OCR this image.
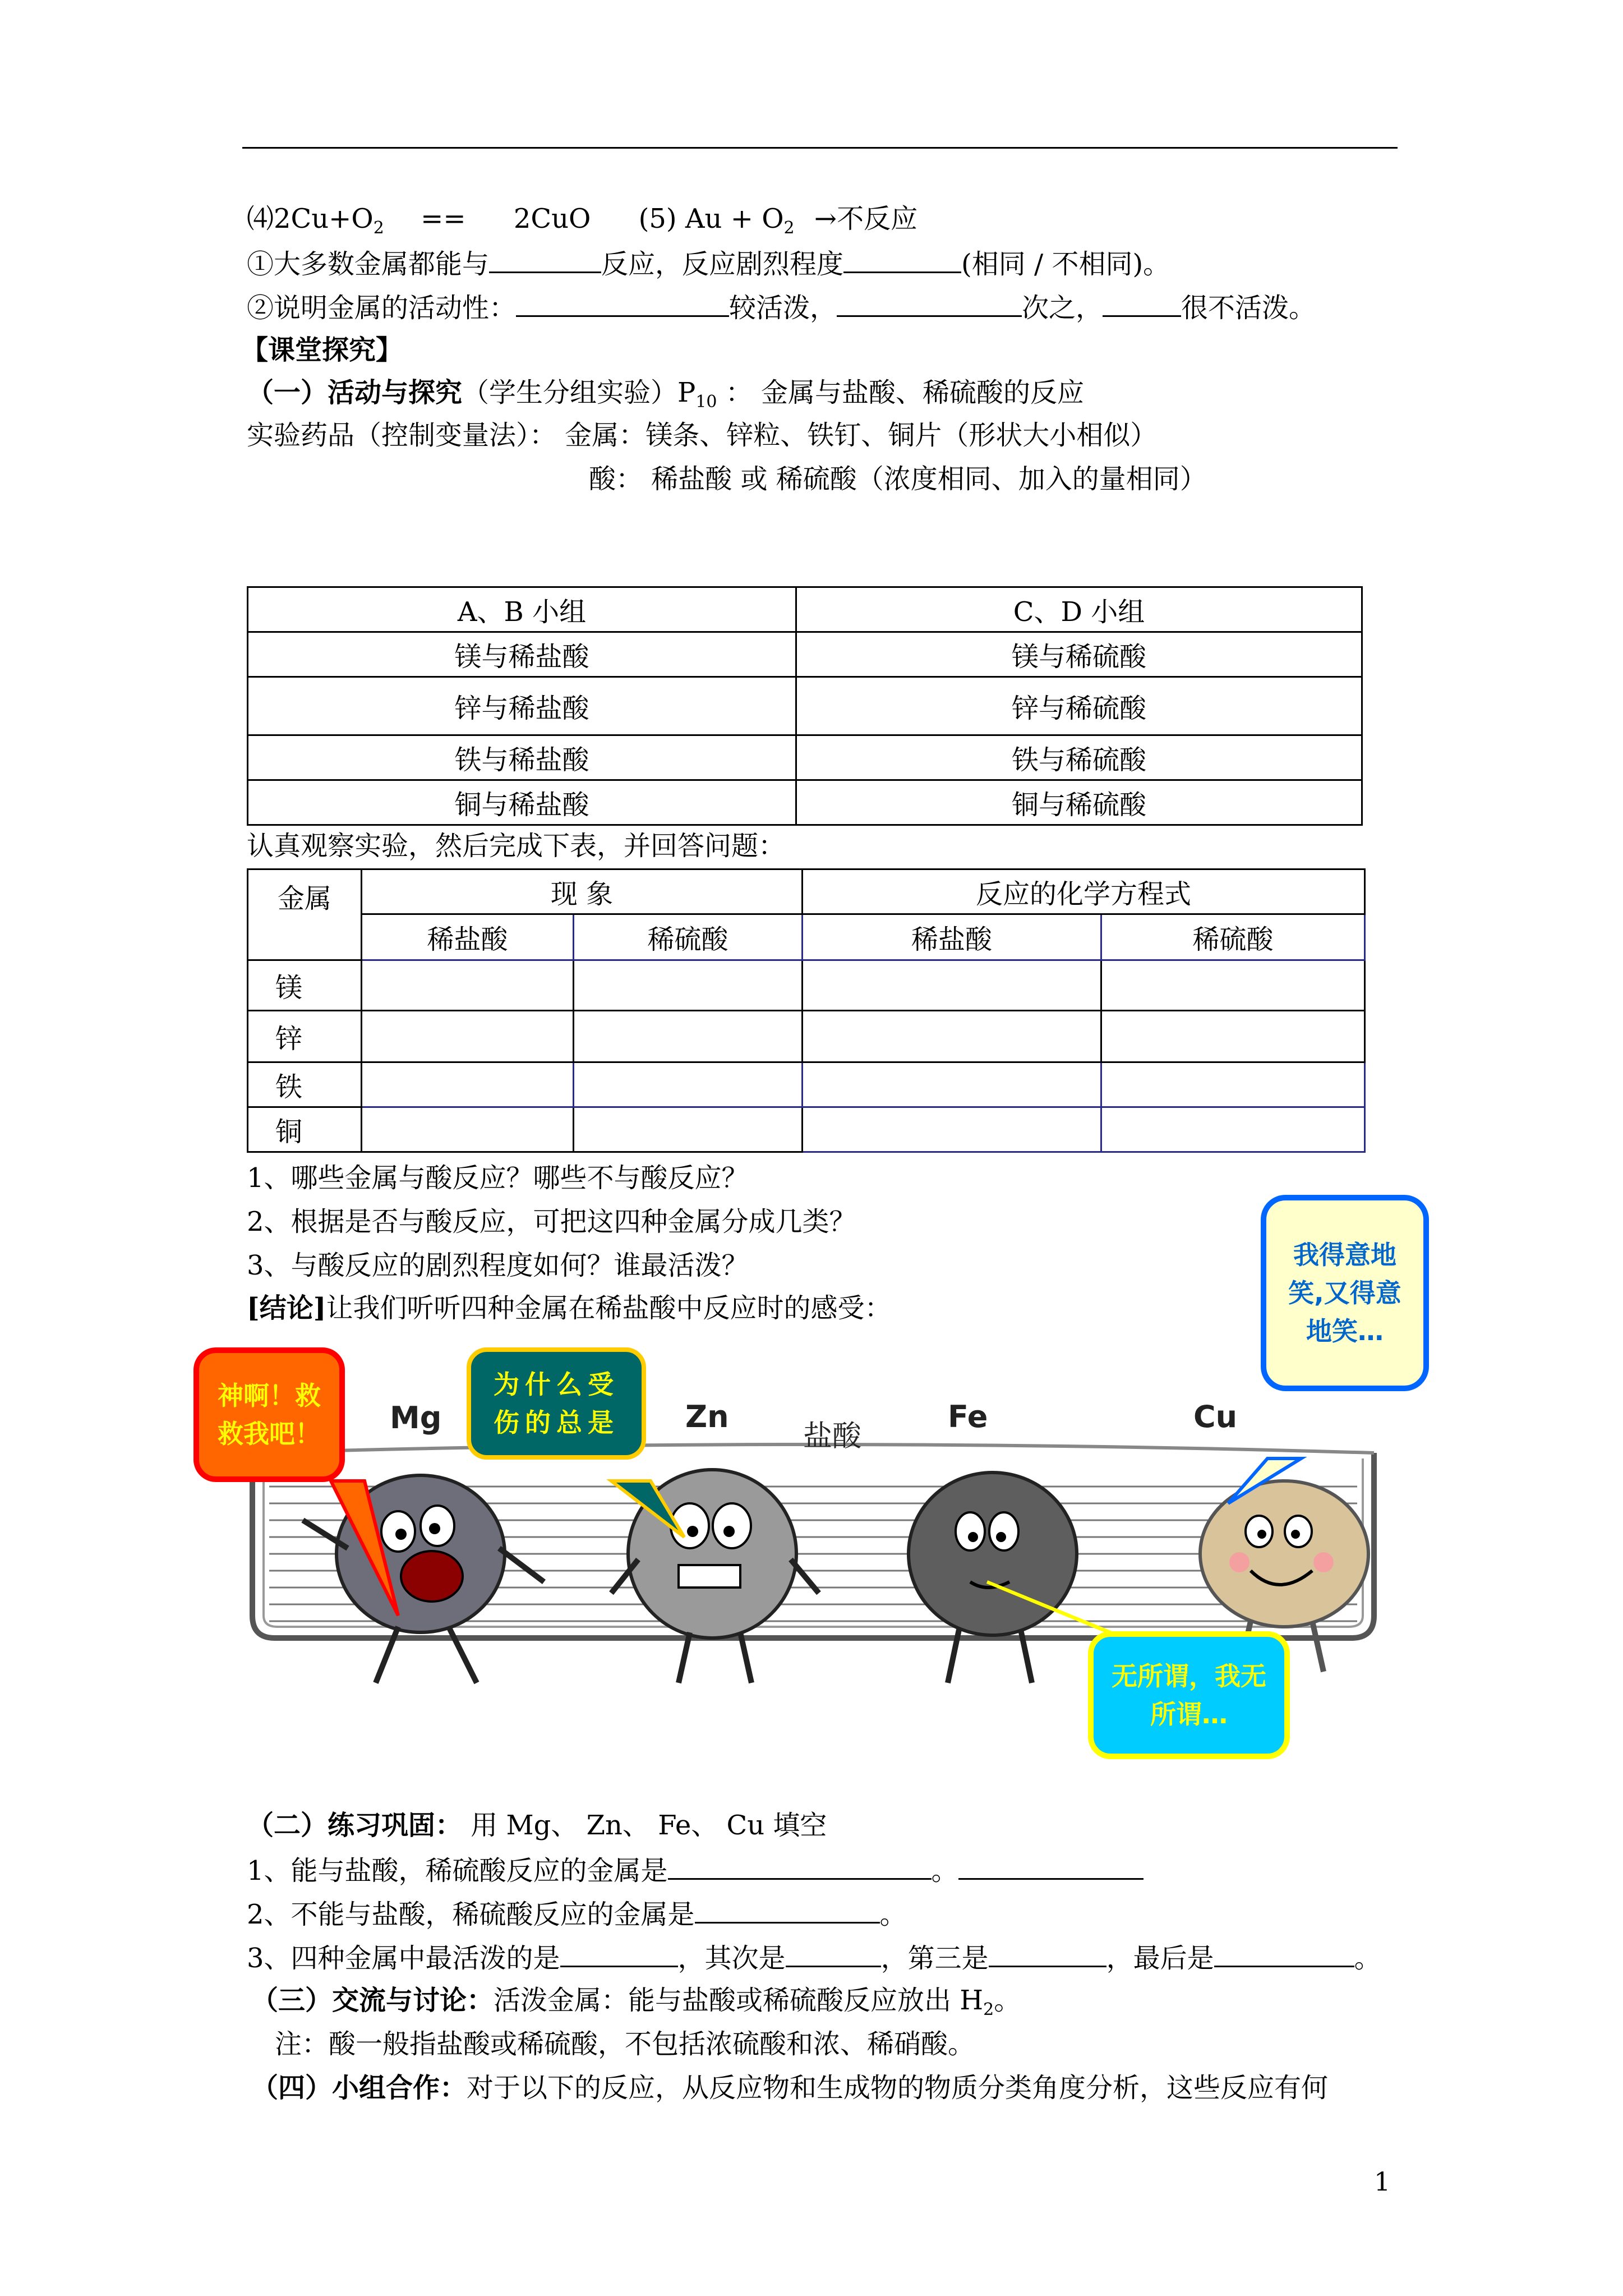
$⑷2Cu+O_2 == 2CuO$ (5) $Au + O_2$ →不反应
①大多数金属都能与	反应，反应剧烈程度	(相同 / 不相同)。
②说明金属的活动性：	较活泼，	次之，	很不活泼。
【课堂探究】
（一）活动与探究（学生分组实验）$P_{10}$ ： 金属与盐酸、稀硫酸的反应
实验药品（控制变量法）： 金属：镁条、锌粒、铁钉、铜片（形状大小相似）
酸： 稀盐酸 或 稀硫酸（浓度相同、加入的量相同）
A、B 小组	C、D 小组
镁与稀盐酸	镁与稀硫酸
锌与稀盐酸	锌与稀硫酸
铁与稀盐酸	铁与稀硫酸
铜与稀盐酸	铜与稀硫酸
认真观察实验，然后完成下表，并回答问题：
金属	现 象		反应的化学方程式	
	稀盐酸	稀硫酸	稀盐酸	稀硫酸
镁				
锌				
铁				
铜				
1、哪些金属与酸反应？哪些不与酸反应？
2、根据是否与酸反应，可把这四种金属分成几类？
3、与酸反应的剧烈程度如何？谁最活泼？
[结论]让我们听听四种金属在稀盐酸中反应时的感受：
Mg	Zn
盐酸
Fe	Cu
神啊！救救我吧！
为什么受伤的总是
我得意地笑,又得意地笑…
无所谓，我无所谓…
（二）练习巩固： 用 Mg、 Zn、 Fe、 Cu 填空
1、能与盐酸，稀硫酸反应的金属是	。
2、不能与盐酸，稀硫酸反应的金属是	。
3、四种金属中最活泼的是	，其次是	，第三是	，最后是	。
（三）交流与讨论：活泼金属：能与盐酸或稀硫酸反应放出 $H_2$。
注：酸一般指盐酸或稀硫酸，不包括浓硫酸和浓、稀硝酸。
（四）小组合作：对于以下的反应，从反应物和生成物的物质分类角度分析，这些反应有何
1
